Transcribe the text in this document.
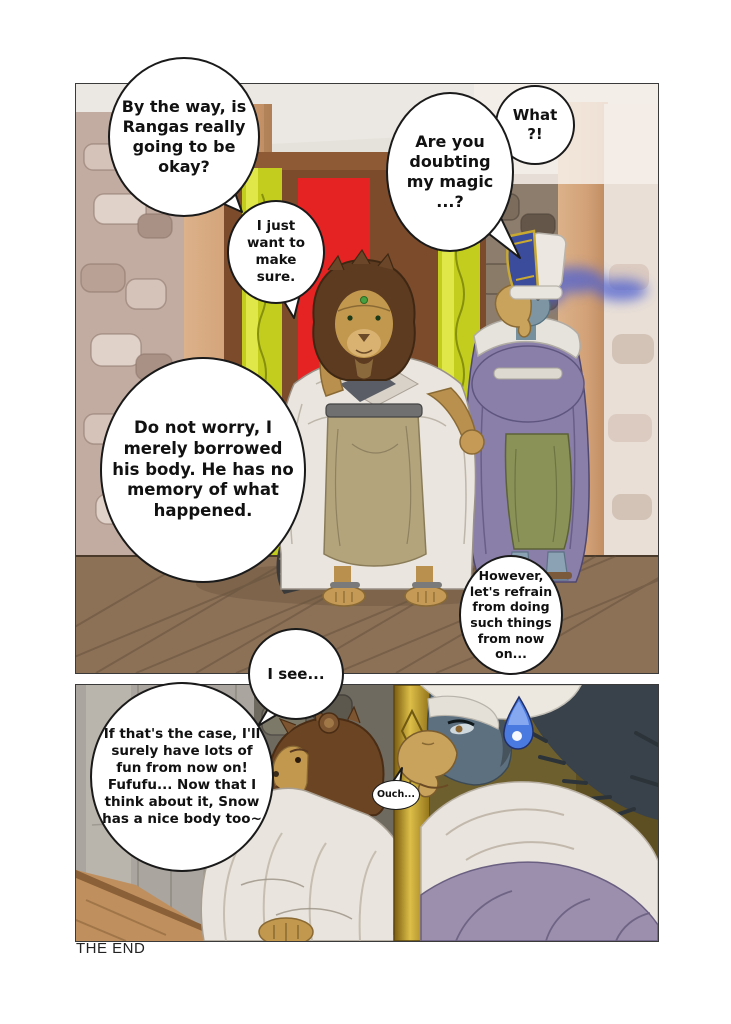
By the way, is Rangas really going to be okay?
I just want to make sure.
What ?!
Are you doubting my magic ...?
Do not worry, I merely borrowed his body. He has no memory of what happened.
However, let's refrain from doing such things from now on...
I see...
If that's the case, I'll surely have lots of fun from now on! Fufufu... Now that I think about it, Snow has a nice body too~
Ouch...
THE END
